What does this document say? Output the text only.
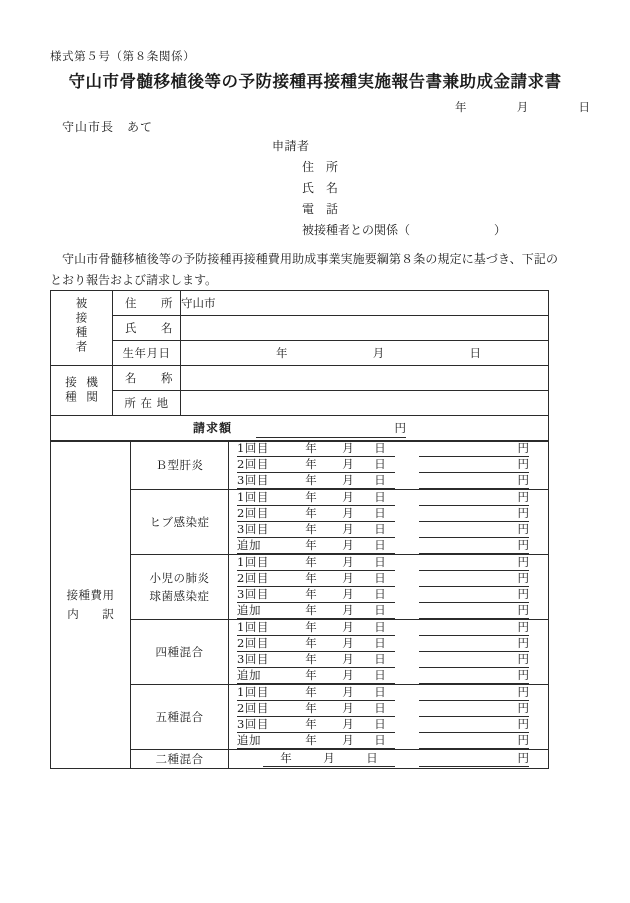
様式第５号（第８条関係）
守山市骨髄移植後等の予防接種再接種実施報告書兼助成金請求書
年	月	日
守山市長　あて
申請者
住　所
氏　名
電　話
被接種者との関係（　　　　　　　）
守山市骨髄移植後等の予防接種再接種費用助成事業実施要綱第８条の規定に基づき、下記のとおり報告および請求します。
被接種者	住　　所	守山市

	氏　　名	

	生年月日	年 月 日

接種 機関	名　　称	

	所 在 地	

請求額 円		
接種費用
内　訳

Ｂ型肝炎

1回目	年	月	日	円
2回目	年	月	日	円
3回目	年	月	日	円

ヒブ感染症

1回目	年	月	日	円
2回目	年	月	日	円
3回目	年	月	日	円
追加	年	月	日	円

小児の肺炎
球菌感染症

1回目	年	月	日	円
2回目	年	月	日	円
3回目	年	月	日	円
追加	年	月	日	円

四種混合

1回目	年	月	日	円
2回目	年	月	日	円
3回目	年	月	日	円
追加	年	月	日	円

五種混合

1回目	年	月	日	円
2回目	年	月	日	円
3回目	年	月	日	円
追加	年	月	日	円

	二種混合	年 月 日 円
